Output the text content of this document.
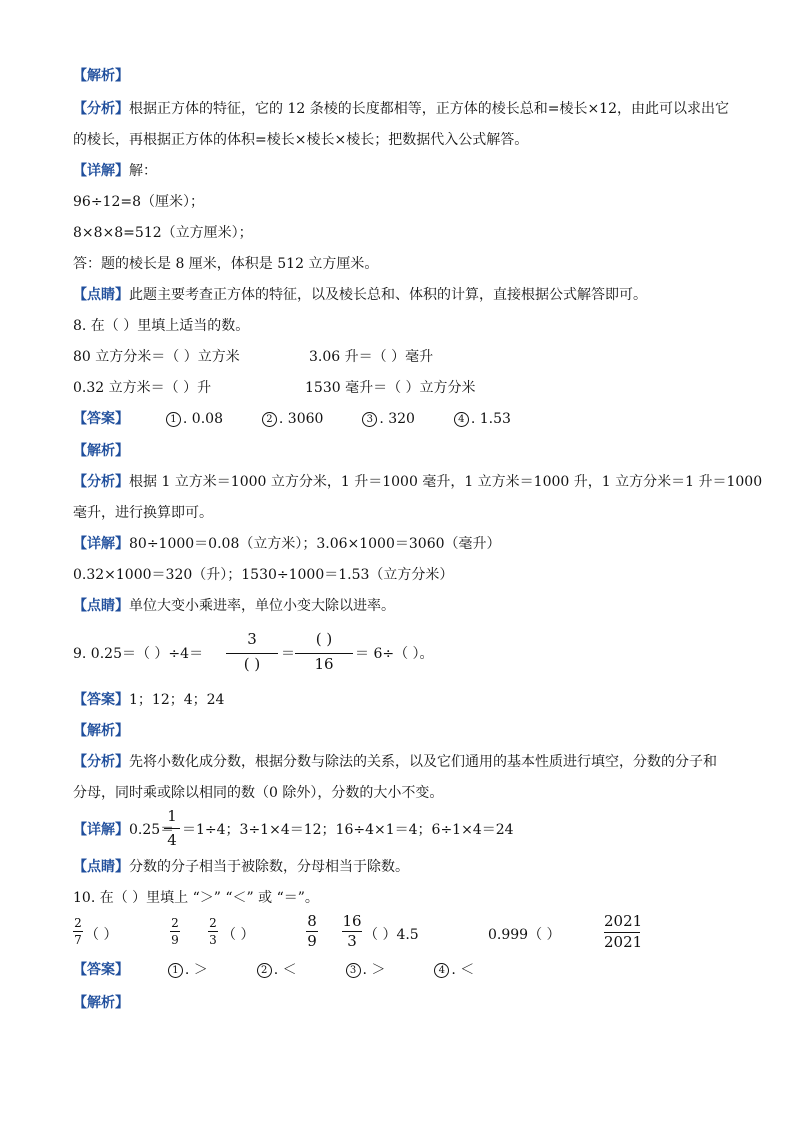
【解析】
【分析】根据正方体的特征，它的 12 条棱的长度都相等，正方体的棱长总和=棱长×12，由此可以求出它
的棱长，再根据正方体的体积=棱长×棱长×棱长；把数据代入公式解答。
【详解】解：
96÷12=8（厘米）；
8×8×8=512（立方厘米）；
答：题的棱长是 8 厘米，体积是 512 立方厘米。
【点睛】此题主要考查正方体的特征，以及棱长总和、体积的计算，直接根据公式解答即可。
8. 在（ ）里填上适当的数。
80 立方分米＝（ ）立方米	3.06 升＝（ ）毫升
0.32 立方米＝（ ）升	1530 毫升＝（ ）立方分米
【答案】	1 . 0.08	2 . 3060	3 . 320	4 . 1.53
【解析】
【分析】根据 1 立方米＝1000 立方分米，1 升＝1000 毫升，1 立方米＝1000 升，1 立方分米＝1 升＝1000
毫升，进行换算即可。
【详解】80÷1000＝0.08（立方米）；3.06×1000＝3060（毫升）
0.32×1000＝320（升）；1530÷1000＝1.53（立方分米）
【点睛】单位大变小乘进率，单位小变大除以进率。
9. 0.25＝（ ）÷4＝
3
( )
＝
( )
16
＝ 6÷（ ）。
【答案】1；12；4；24
【解析】
【分析】先将小数化成分数，根据分数与除法的关系，以及它们通用的基本性质进行填空，分数的分子和
分母，同时乘或除以相同的数（0 除外），分数的大小不变。
【详解】0.25＝
1
4
＝1÷4；3÷1×4＝12；16÷4×1＝4；6÷1×4＝24
【点睛】分数的分子相当于被除数，分母相当于除数。
10. 在（ ）里填上 “＞” “＜” 或 “＝”。
2
7 （ ）
2
9
2
3 （ ）
8
9
16
3 （ ）4.5	0.999（ ）
2021
2021
【答案】	1 . ＞	2 . ＜	3 . ＞	4 . ＜
【解析】
